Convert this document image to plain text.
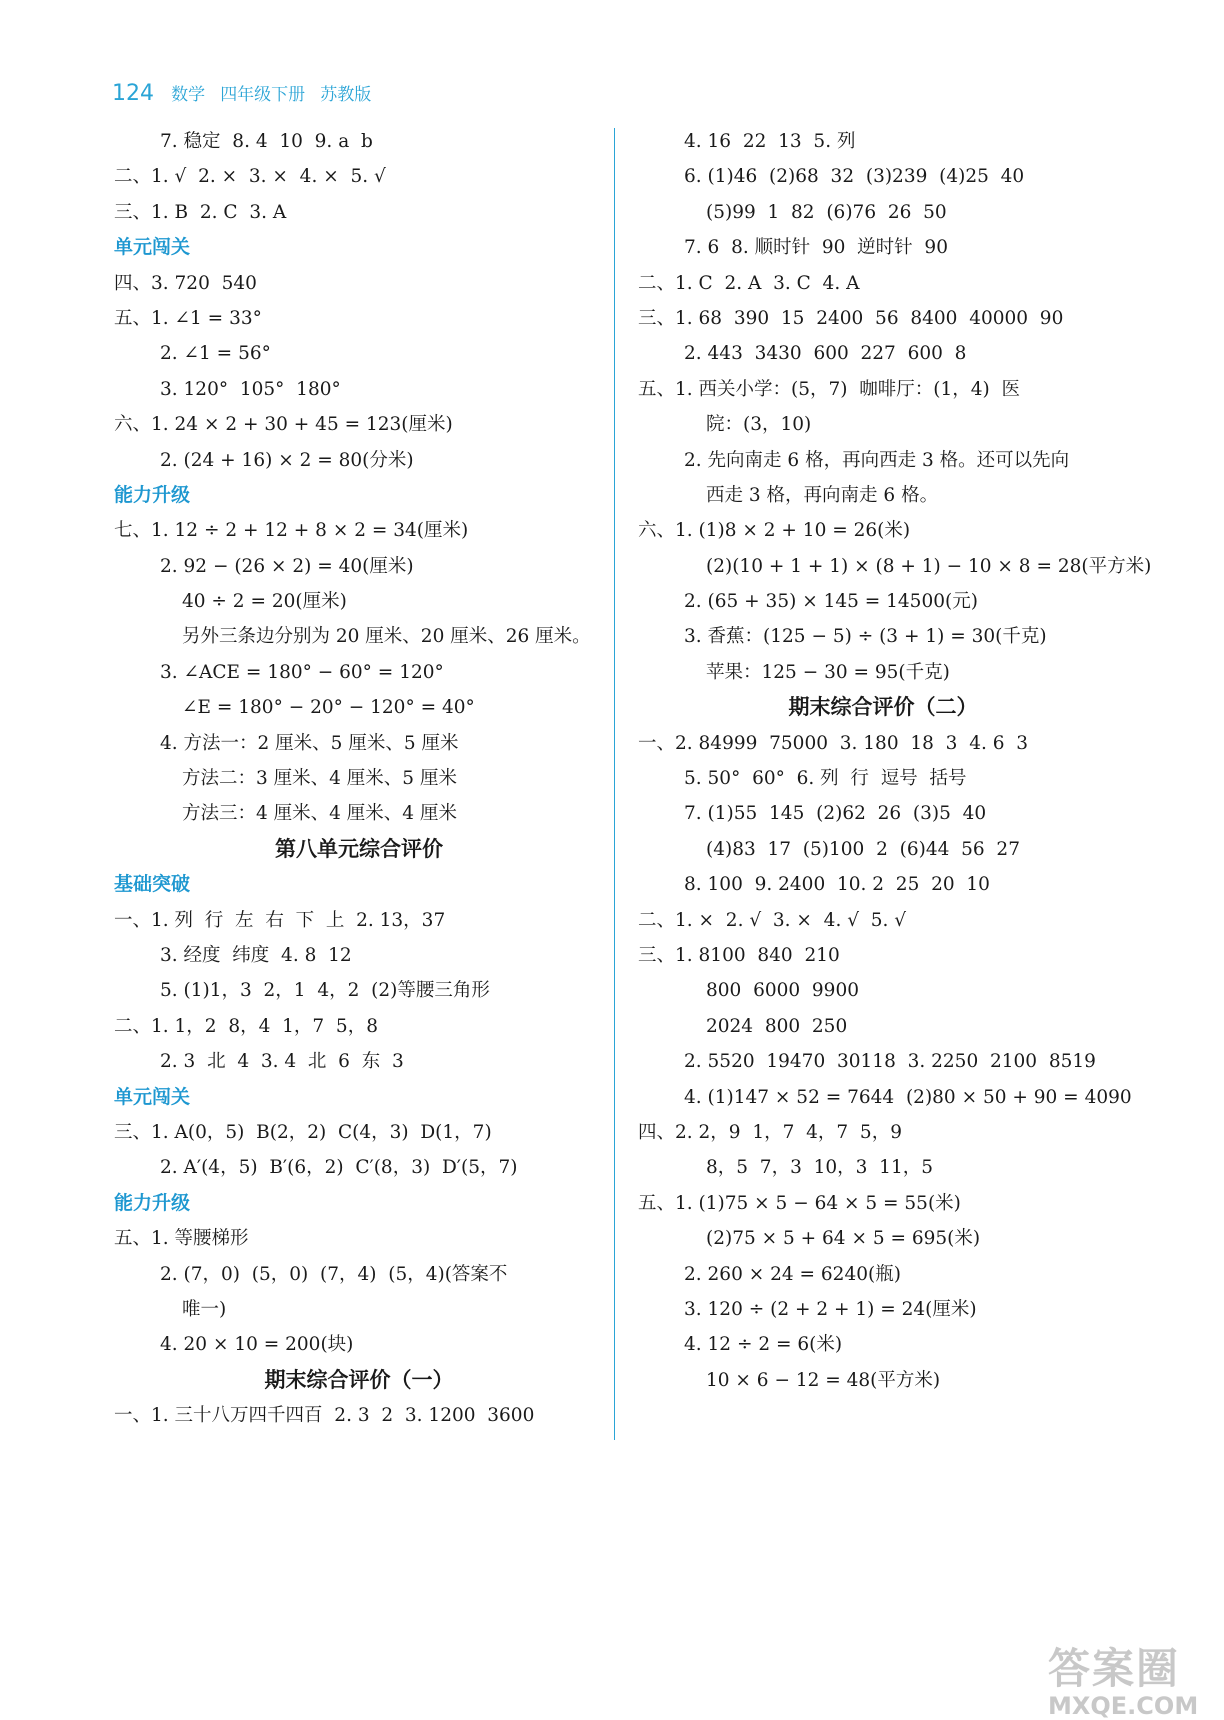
124 数学 四年级下册 苏教版
7. 稳定  8. 4  10  9. a  b
二、1. √  2. ×  3. ×  4. ×  5. √
三、1. B  2. C  3. A
单元闯关
四、3. 720  540
五、1. ∠1 = 33°
2. ∠1 = 56°
3. 120°  105°  180°
六、1. 24 × 2 + 30 + 45 = 123(厘米)
2. (24 + 16) × 2 = 80(分米)
能力升级
七、1. 12 ÷ 2 + 12 + 8 × 2 = 34(厘米)
2. 92 − (26 × 2) = 40(厘米)
40 ÷ 2 = 20(厘米)
另外三条边分别为 20 厘米、20 厘米、26 厘米。
3. ∠ACE = 180° − 60° = 120°
∠E = 180° − 20° − 120° = 40°
4. 方法一：2 厘米、5 厘米、5 厘米
方法二：3 厘米、4 厘米、5 厘米
方法三：4 厘米、4 厘米、4 厘米
第八单元综合评价
基础突破
一、1. 列  行  左  右  下  上  2. 13，37
3. 经度  纬度  4. 8  12
5. (1)1，3  2，1  4，2  (2)等腰三角形
二、1. 1，2  8，4  1，7  5，8
2. 3  北  4  3. 4  北  6  东  3
单元闯关
三、1. A(0，5)  B(2，2)  C(4，3)  D(1，7)
2. A′(4，5)  B′(6，2)  C′(8，3)  D′(5，7)
能力升级
五、1. 等腰梯形
2. (7，0)  (5，0)  (7，4)  (5，4)(答案不
唯一)
4. 20 × 10 = 200(块)
期末综合评价（一）
一、1. 三十八万四千四百  2. 3  2  3. 1200  3600
4. 16  22  13  5. 列
6. (1)46  (2)68  32  (3)239  (4)25  40
(5)99  1  82  (6)76  26  50
7. 6  8. 顺时针  90  逆时针  90
二、1. C  2. A  3. C  4. A
三、1. 68  390  15  2400  56  8400  40000  90
2. 443  3430  600  227  600  8
五、1. 西关小学：(5，7)  咖啡厅：(1，4)  医
院：(3，10)
2. 先向南走 6 格，再向西走 3 格。还可以先向
西走 3 格，再向南走 6 格。
六、1. (1)8 × 2 + 10 = 26(米)
(2)(10 + 1 + 1) × (8 + 1) − 10 × 8 = 28(平方米)
2. (65 + 35) × 145 = 14500(元)
3. 香蕉：(125 − 5) ÷ (3 + 1) = 30(千克)
苹果：125 − 30 = 95(千克)
期末综合评价（二）
一、2. 84999  75000  3. 180  18  3  4. 6  3
5. 50°  60°  6. 列  行  逗号  括号
7. (1)55  145  (2)62  26  (3)5  40
(4)83  17  (5)100  2  (6)44  56  27
8. 100  9. 2400  10. 2  25  20  10
二、1. ×  2. √  3. ×  4. √  5. √
三、1. 8100  840  210
800  6000  9900
2024  800  250
2. 5520  19470  30118  3. 2250  2100  8519
4. (1)147 × 52 = 7644  (2)80 × 50 + 90 = 4090
四、2. 2，9  1，7  4，7  5，9
8，5  7，3  10，3  11，5
五、1. (1)75 × 5 − 64 × 5 = 55(米)
(2)75 × 5 + 64 × 5 = 695(米)
2. 260 × 24 = 6240(瓶)
3. 120 ÷ (2 + 2 + 1) = 24(厘米)
4. 12 ÷ 2 = 6(米)
10 × 6 − 12 = 48(平方米)
答案圈
MXQE.COM
